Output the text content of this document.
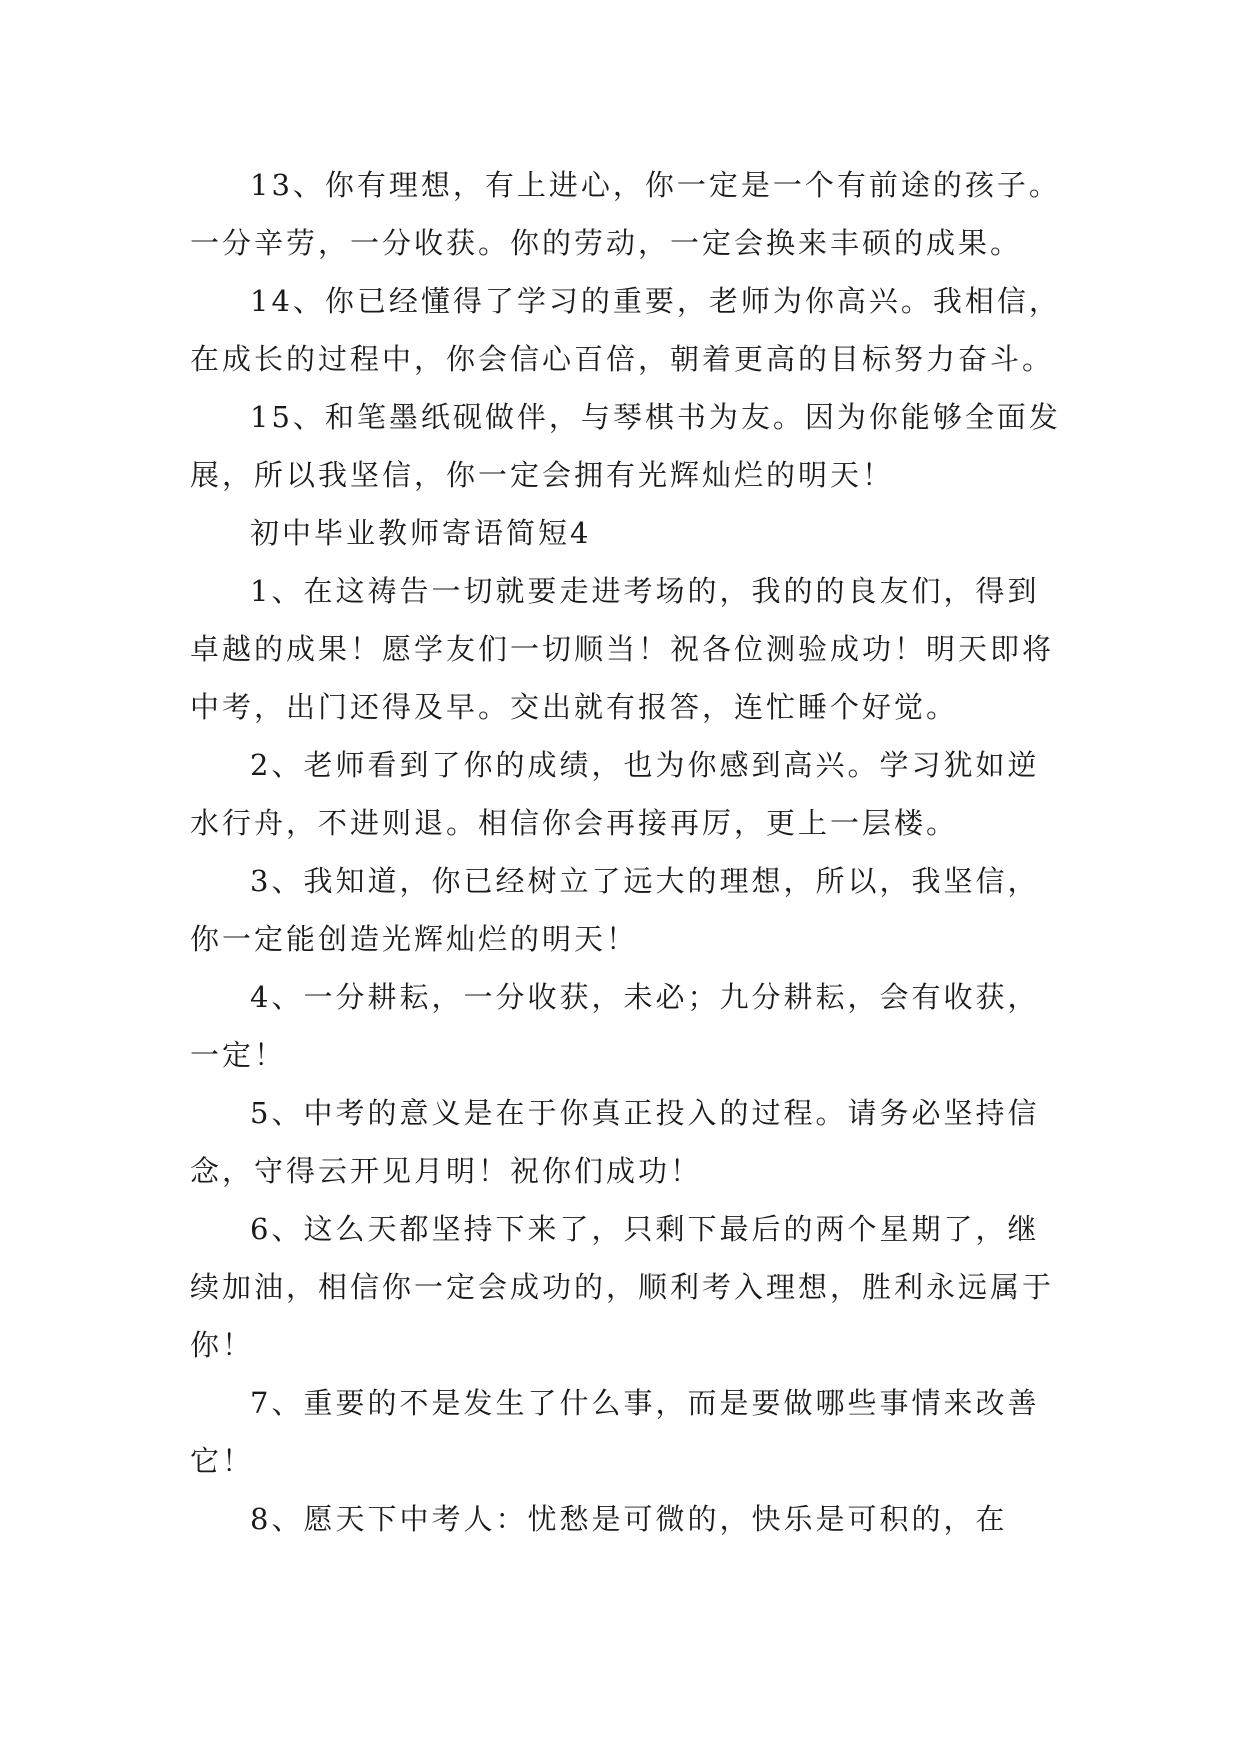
13、你有理想，有上进心，你一定是一个有前途的孩子。一分辛劳，一分收获。你的劳动，一定会换来丰硕的成果。

14、你已经懂得了学习的重要，老师为你高兴。我相信，在成长的过程中，你会信心百倍，朝着更高的目标努力奋斗。

15、和笔墨纸砚做伴，与琴棋书为友。因为你能够全面发展，所以我坚信，你一定会拥有光辉灿烂的明天！

初中毕业教师寄语简短4

1、在这祷告一切就要走进考场的，我的的良友们，得到卓越的成果！愿学友们一切顺当！祝各位测验成功！明天即将中考，出门还得及早。交出就有报答，连忙睡个好觉。

2、老师看到了你的成绩，也为你感到高兴。学习犹如逆水行舟，不进则退。相信你会再接再厉，更上一层楼。

3、我知道，你已经树立了远大的理想，所以，我坚信，你一定能创造光辉灿烂的明天！

4、一分耕耘，一分收获，未必；九分耕耘，会有收获，一定！

5、中考的意义是在于你真正投入的过程。请务必坚持信念，守得云开见月明！祝你们成功！

6、这么天都坚持下来了，只剩下最后的两个星期了，继续加油，相信你一定会成功的，顺利考入理想，胜利永远属于你！

7、重要的不是发生了什么事，而是要做哪些事情来改善它！

8、愿天下中考人：忧愁是可微的，快乐是可积的，在
